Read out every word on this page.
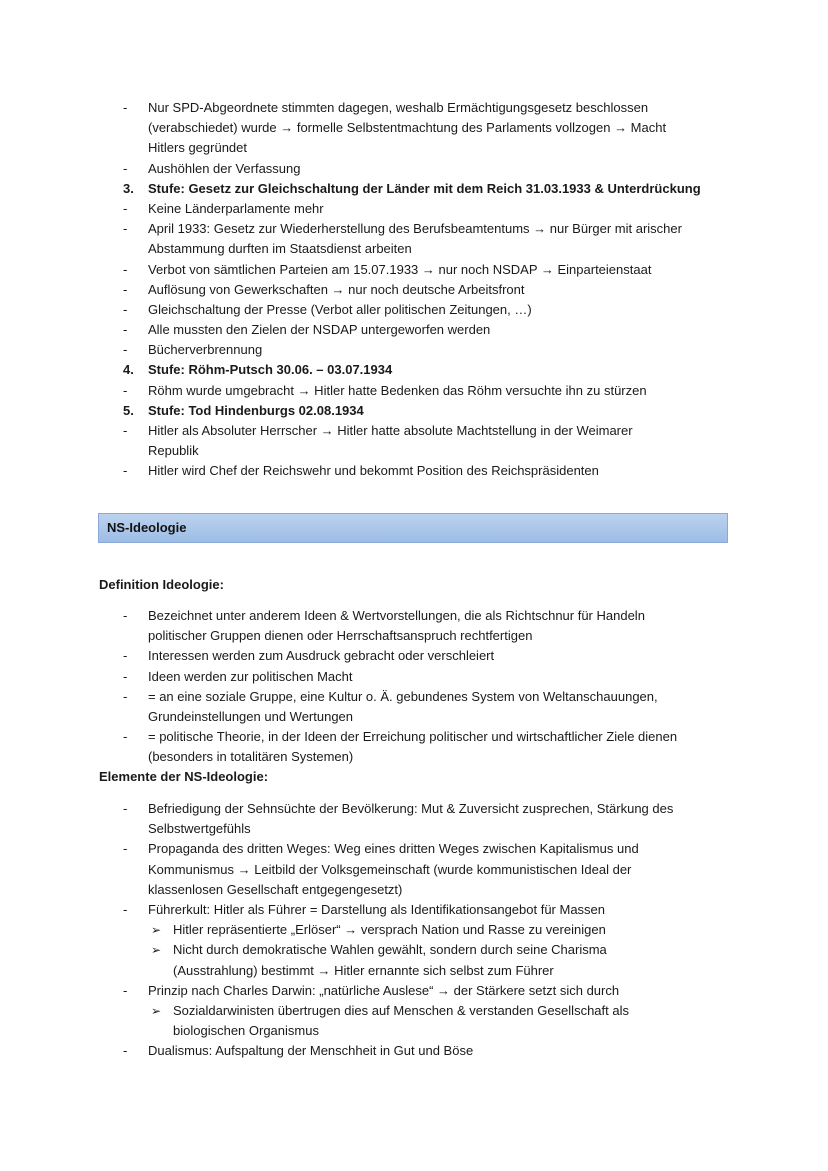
- Nur SPD-Abgeordnete stimmten dagegen, weshalb Ermächtigungsgesetz beschlossen
(verabschiedet) wurde → formelle Selbstentmachtung des Parlaments vollzogen → Macht
Hitlers gegründet
- Aushöhlen der Verfassung
3. Stufe: Gesetz zur Gleichschaltung der Länder mit dem Reich 31.03.1933 & Unterdrückung
- Keine Länderparlamente mehr
- April 1933: Gesetz zur Wiederherstellung des Berufsbeamtentums → nur Bürger mit arischer
Abstammung durften im Staatsdienst arbeiten
- Verbot von sämtlichen Parteien am 15.07.1933 → nur noch NSDAP → Einparteienstaat
- Auflösung von Gewerkschaften → nur noch deutsche Arbeitsfront
- Gleichschaltung der Presse (Verbot aller politischen Zeitungen, …)
- Alle mussten den Zielen der NSDAP untergeworfen werden
- Bücherverbrennung
4. Stufe: Röhm-Putsch 30.06. – 03.07.1934
- Röhm wurde umgebracht → Hitler hatte Bedenken das Röhm versuchte ihn zu stürzen
5. Stufe: Tod Hindenburgs 02.08.1934
- Hitler als Absoluter Herrscher → Hitler hatte absolute Machtstellung in der Weimarer
Republik
- Hitler wird Chef der Reichswehr und bekommt Position des Reichspräsidenten
NS-Ideologie
Definition Ideologie:
- Bezeichnet unter anderem Ideen & Wertvorstellungen, die als Richtschnur für Handeln
politischer Gruppen dienen oder Herrschaftsanspruch rechtfertigen
- Interessen werden zum Ausdruck gebracht oder verschleiert
- Ideen werden zur politischen Macht
- = an eine soziale Gruppe, eine Kultur o. Ä. gebundenes System von Weltanschauungen,
Grundeinstellungen und Wertungen
- = politische Theorie, in der Ideen der Erreichung politischer und wirtschaftlicher Ziele dienen
(besonders in totalitären Systemen)
Elemente der NS-Ideologie:
- Befriedigung der Sehnsüchte der Bevölkerung: Mut & Zuversicht zusprechen, Stärkung des
Selbstwertgefühls
- Propaganda des dritten Weges: Weg eines dritten Weges zwischen Kapitalismus und
Kommunismus → Leitbild der Volksgemeinschaft (wurde kommunistischen Ideal der
klassenlosen Gesellschaft entgegengesetzt)
- Führerkult: Hitler als Führer = Darstellung als Identifikationsangebot für Massen
➢ Hitler repräsentierte „Erlöser“ → versprach Nation und Rasse zu vereinigen
➢ Nicht durch demokratische Wahlen gewählt, sondern durch seine Charisma
(Ausstrahlung) bestimmt → Hitler ernannte sich selbst zum Führer
- Prinzip nach Charles Darwin: „natürliche Auslese“ → der Stärkere setzt sich durch
➢ Sozialdarwinisten übertrugen dies auf Menschen & verstanden Gesellschaft als
biologischen Organismus
- Dualismus: Aufspaltung der Menschheit in Gut und Böse
